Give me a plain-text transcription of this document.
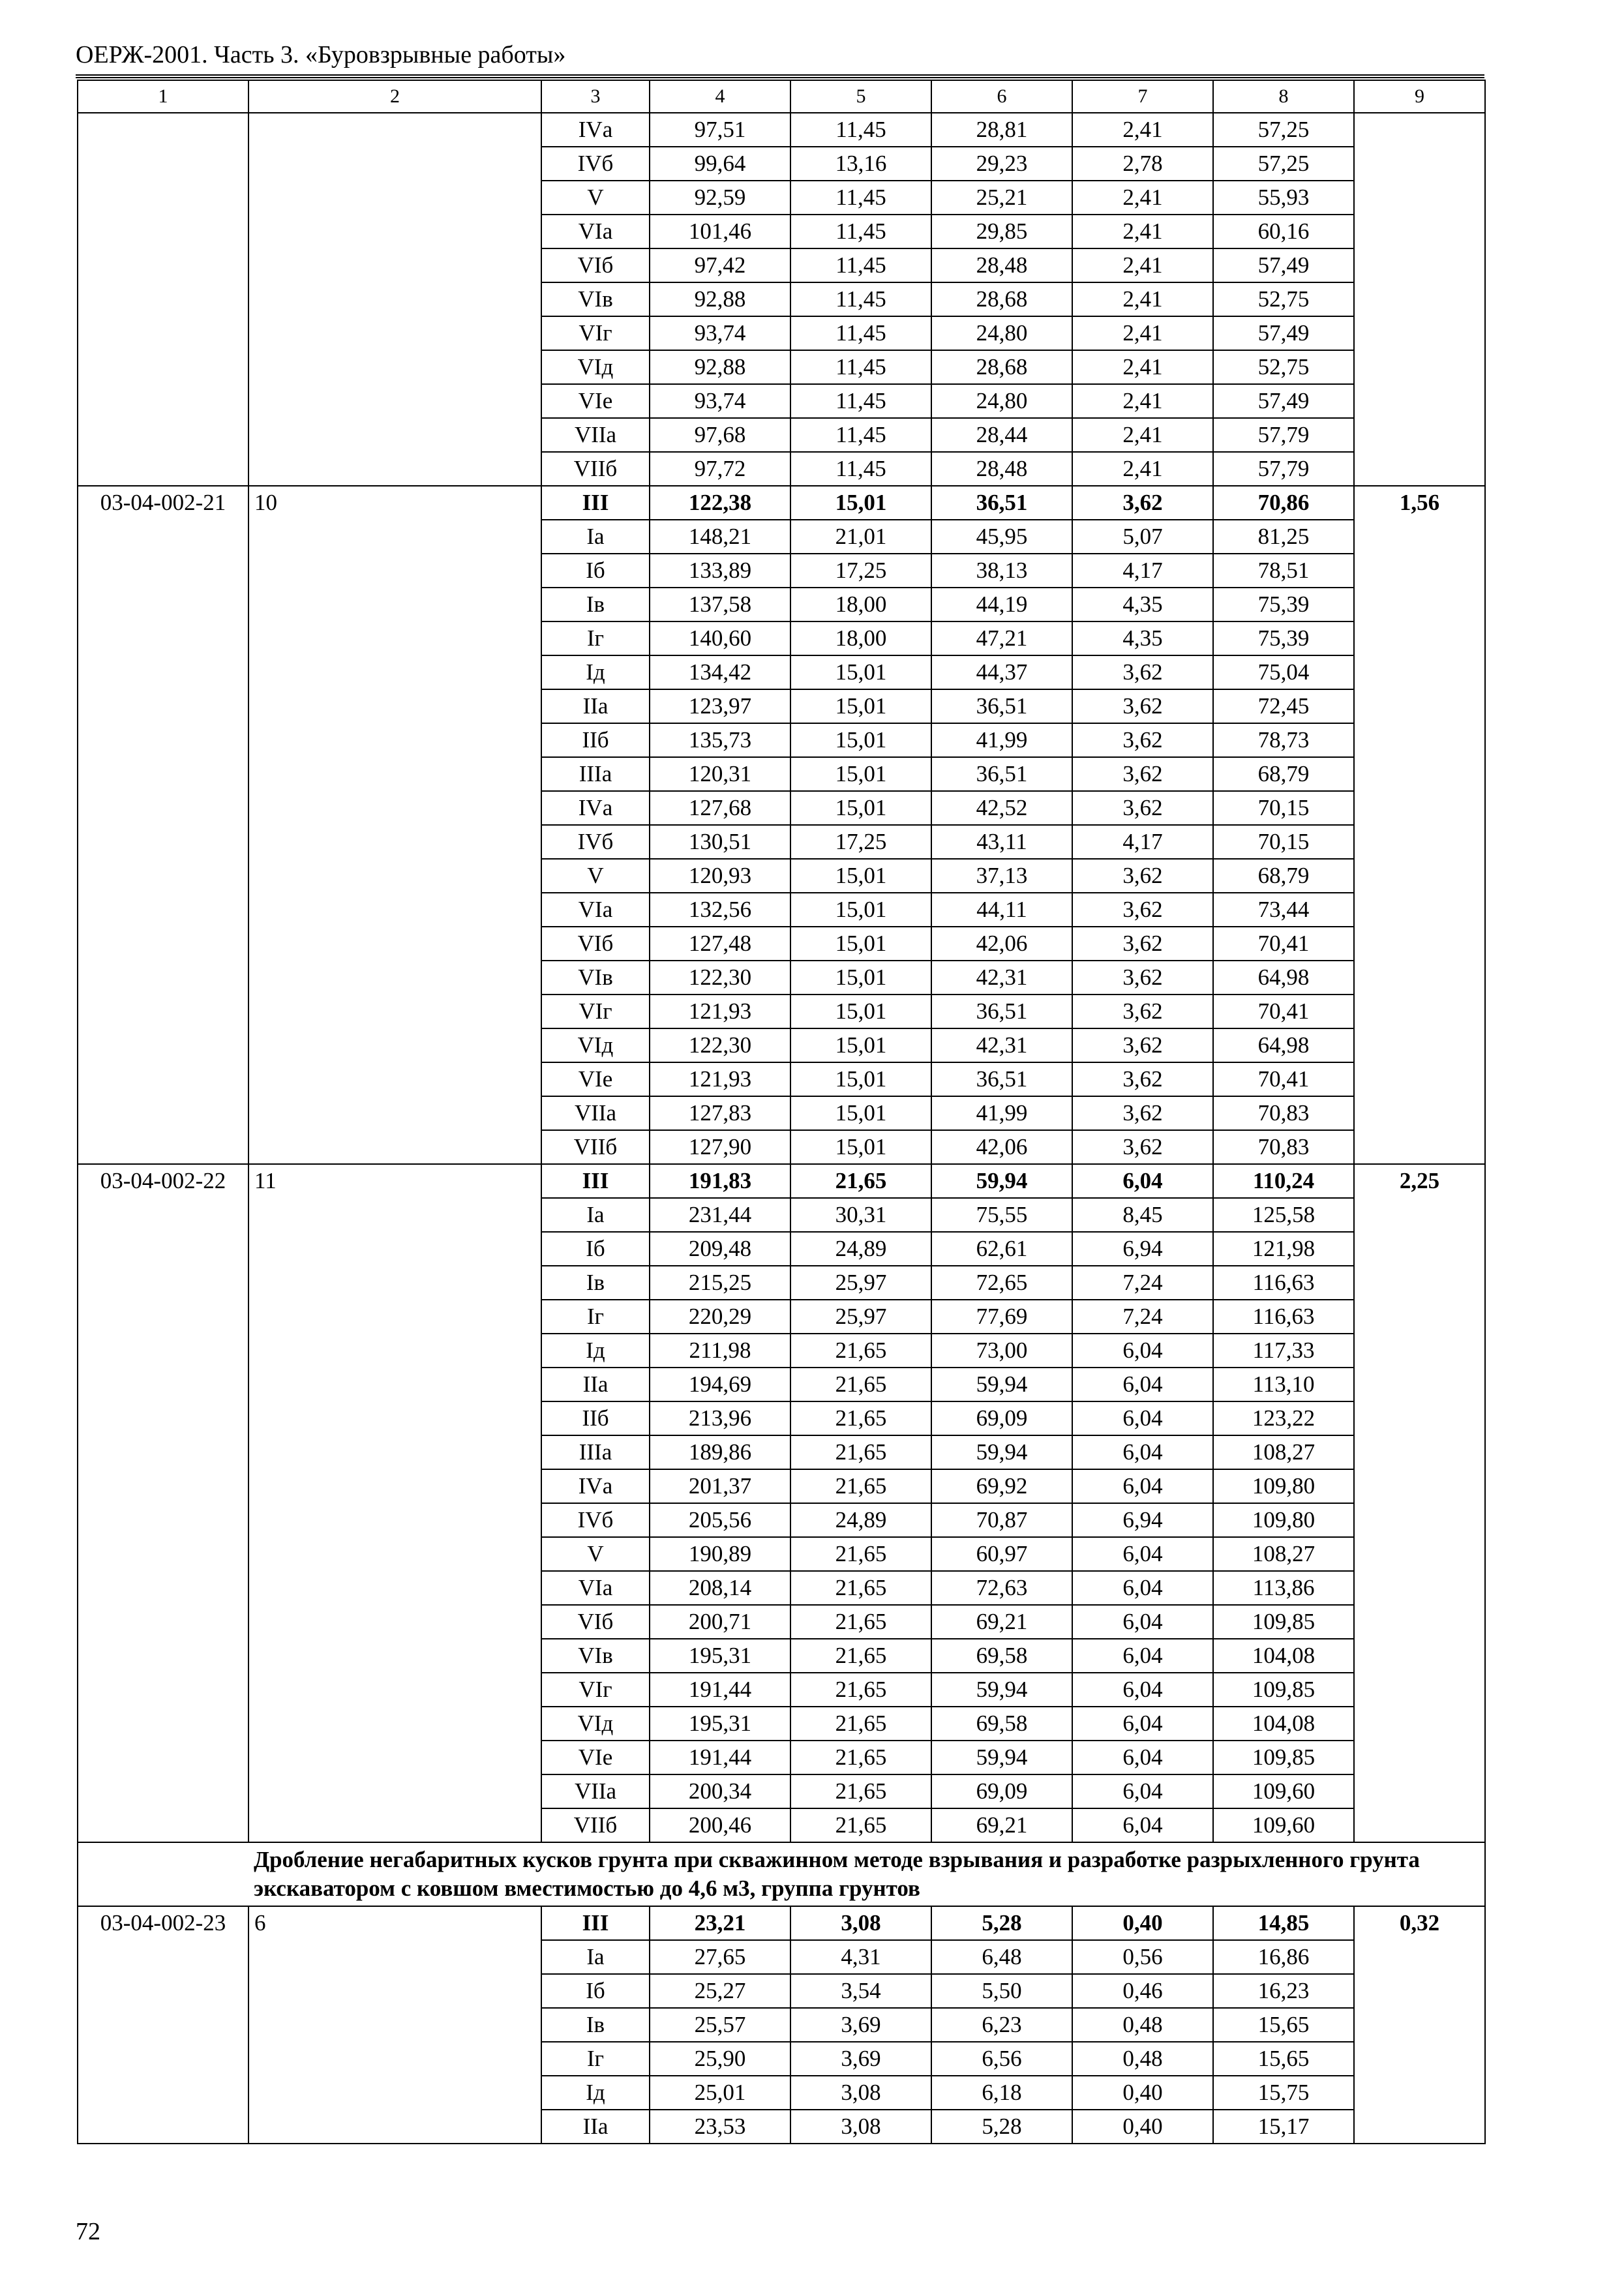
ОЕРЖ-2001. Часть 3. «Буровзрывные работы»
1	2	3	4	5	6	7	8	9
		IVа	97,51	11,45	28,81	2,41	57,25	
		IVб	99,64	13,16	29,23	2,78	57,25	
		V	92,59	11,45	25,21	2,41	55,93	
		VIа	101,46	11,45	29,85	2,41	60,16	
		VIб	97,42	11,45	28,48	2,41	57,49	
		VIв	92,88	11,45	28,68	2,41	52,75	
		VIг	93,74	11,45	24,80	2,41	57,49	
		VIд	92,88	11,45	28,68	2,41	52,75	
		VIе	93,74	11,45	24,80	2,41	57,49	
		VIIа	97,68	11,45	28,44	2,41	57,79	
		VIIб	97,72	11,45	28,48	2,41	57,79	
03-04-002-21	10	III	122,38	15,01	36,51	3,62	70,86	1,56
		Iа	148,21	21,01	45,95	5,07	81,25	
		Iб	133,89	17,25	38,13	4,17	78,51	
		Iв	137,58	18,00	44,19	4,35	75,39	
		Iг	140,60	18,00	47,21	4,35	75,39	
		Iд	134,42	15,01	44,37	3,62	75,04	
		IIа	123,97	15,01	36,51	3,62	72,45	
		IIб	135,73	15,01	41,99	3,62	78,73	
		IIIа	120,31	15,01	36,51	3,62	68,79	
		IVа	127,68	15,01	42,52	3,62	70,15	
		IVб	130,51	17,25	43,11	4,17	70,15	
		V	120,93	15,01	37,13	3,62	68,79	
		VIа	132,56	15,01	44,11	3,62	73,44	
		VIб	127,48	15,01	42,06	3,62	70,41	
		VIв	122,30	15,01	42,31	3,62	64,98	
		VIг	121,93	15,01	36,51	3,62	70,41	
		VIд	122,30	15,01	42,31	3,62	64,98	
		VIе	121,93	15,01	36,51	3,62	70,41	
		VIIа	127,83	15,01	41,99	3,62	70,83	
		VIIб	127,90	15,01	42,06	3,62	70,83	
03-04-002-22	11	III	191,83	21,65	59,94	6,04	110,24	2,25
		Iа	231,44	30,31	75,55	8,45	125,58	
		Iб	209,48	24,89	62,61	6,94	121,98	
		Iв	215,25	25,97	72,65	7,24	116,63	
		Iг	220,29	25,97	77,69	7,24	116,63	
		Iд	211,98	21,65	73,00	6,04	117,33	
		IIа	194,69	21,65	59,94	6,04	113,10	
		IIб	213,96	21,65	69,09	6,04	123,22	
		IIIа	189,86	21,65	59,94	6,04	108,27	
		IVа	201,37	21,65	69,92	6,04	109,80	
		IVб	205,56	24,89	70,87	6,94	109,80	
		V	190,89	21,65	60,97	6,04	108,27	
		VIа	208,14	21,65	72,63	6,04	113,86	
		VIб	200,71	21,65	69,21	6,04	109,85	
		VIв	195,31	21,65	69,58	6,04	104,08	
		VIг	191,44	21,65	59,94	6,04	109,85	
		VIд	195,31	21,65	69,58	6,04	104,08	
		VIе	191,44	21,65	59,94	6,04	109,85	
		VIIа	200,34	21,65	69,09	6,04	109,60	
		VIIб	200,46	21,65	69,21	6,04	109,60	
	Дробление негабаритных кусков грунта при скважинном методе взрывания и разработке разрыхленного грунта экскаватором с ковшом вместимостью до 4,6 м3, группа грунтов							
03-04-002-23	6	III	23,21	3,08	5,28	0,40	14,85	0,32
		Iа	27,65	4,31	6,48	0,56	16,86	
		Iб	25,27	3,54	5,50	0,46	16,23	
		Iв	25,57	3,69	6,23	0,48	15,65	
		Iг	25,90	3,69	6,56	0,48	15,65	
		Iд	25,01	3,08	6,18	0,40	15,75	
		IIа	23,53	3,08	5,28	0,40	15,17	
72
